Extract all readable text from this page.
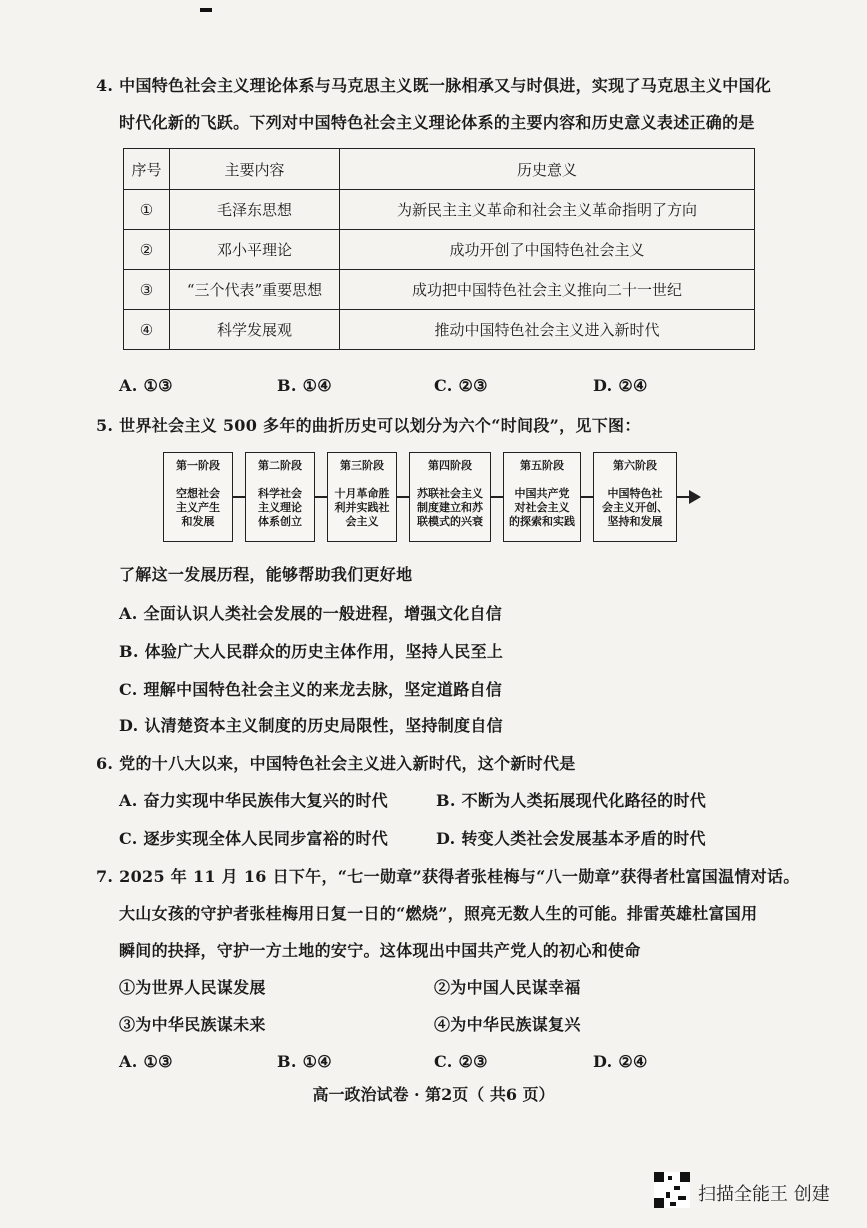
4. 中国特色社会主义理论体系与马克思主义既一脉相承又与时俱进，实现了马克思主义中国化
时代化新的飞跃。下列对中国特色社会主义理论体系的主要内容和历史意义表述正确的是
序号	主要内容	历史意义
①	毛泽东思想	为新民主主义革命和社会主义革命指明了方向
②	邓小平理论	成功开创了中国特色社会主义
③	“三个代表”重要思想	成功把中国特色社会主义推向二十一世纪
④	科学发展观	推动中国特色社会主义进入新时代
A. ①③	B. ①④	C. ②③	D. ②④
5. 世界社会主义 500 多年的曲折历史可以划分为六个“时间段”，见下图：
第一阶段
空想社会
主义产生
和发展
第二阶段
科学社会
主义理论
体系创立
第三阶段
十月革命胜
利并实践社
会主义
第四阶段
苏联社会主义
制度建立和苏
联模式的兴衰
第五阶段
中国共产党
对社会主义
的探索和实践
第六阶段
中国特色社
会主义开创、
坚持和发展
了解这一发展历程，能够帮助我们更好地
A. 全面认识人类社会发展的一般进程，增强文化自信
B. 体验广大人民群众的历史主体作用，坚持人民至上
C. 理解中国特色社会主义的来龙去脉，坚定道路自信
D. 认清楚资本主义制度的历史局限性，坚持制度自信
6. 党的十八大以来，中国特色社会主义进入新时代，这个新时代是
A. 奋力实现中华民族伟大复兴的时代	B. 不断为人类拓展现代化路径的时代
C. 逐步实现全体人民同步富裕的时代	D. 转变人类社会发展基本矛盾的时代
7. 2025 年 11 月 16 日下午，“七一勋章”获得者张桂梅与“八一勋章”获得者杜富国温情对话。
大山女孩的守护者张桂梅用日复一日的“燃烧”，照亮无数人生的可能。排雷英雄杜富国用
瞬间的抉择，守护一方土地的安宁。这体现出中国共产党人的初心和使命
①为世界人民谋发展	②为中国人民谋幸福
③为中华民族谋未来	④为中华民族谋复兴
A. ①③	B. ①④	C. ②③	D. ②④
高一政治试卷 · 第2页（ 共6 页）
扫描全能王 创建
